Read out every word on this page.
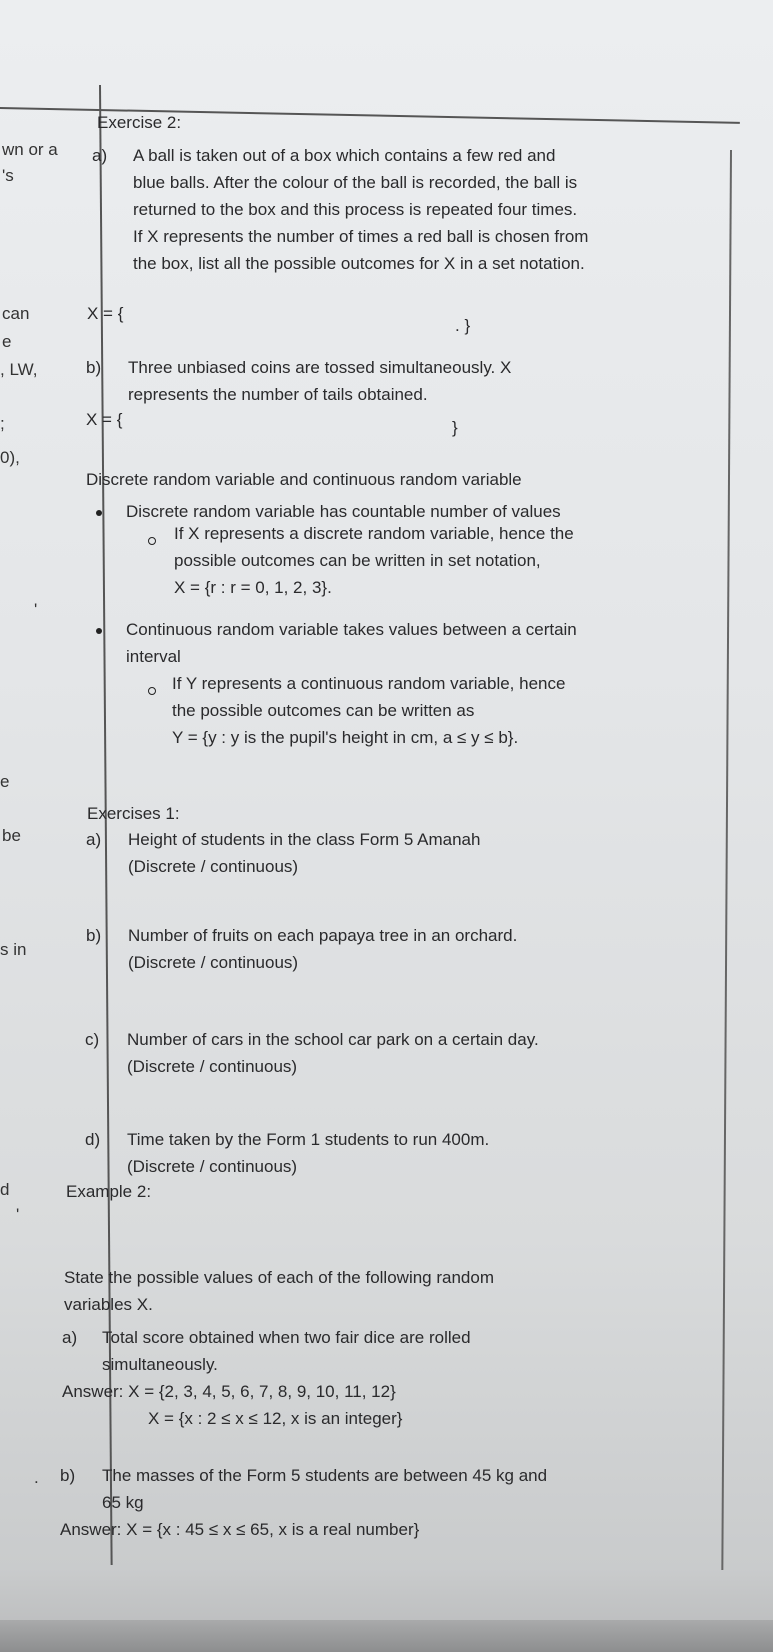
wn or a
's
can
e
, LW,
;
0),
'
e
be
s in
d
'
.
Exercise 2:
a) A ball is taken out of a box which contains a few red and
blue balls. After the colour of the ball is recorded, the ball is
returned to the box and this process is repeated four times.
If X represents the number of times a red ball is chosen from
the box, list all the possible outcomes for X in a set notation.
X = {
. }
b) Three unbiased coins are tossed simultaneously. X
represents the number of tails obtained.
X = {	}
Discrete random variable and continuous random variable
Discrete random variable has countable number of values
If X represents a discrete random variable, hence the
possible outcomes can be written in set notation,
X = {r : r = 0, 1, 2, 3}.
Continuous random variable takes values between a certain
interval
If Y represents a continuous random variable, hence
the possible outcomes can be written as
Y = {y : y is the pupil's height in cm, a ≤ y ≤ b}.
Exercises 1:
a) Height of students in the class Form 5 Amanah
(Discrete / continuous)
b) Number of fruits on each papaya tree in an orchard.
(Discrete / continuous)
c) Number of cars in the school car park on a certain day.
(Discrete / continuous)
d) Time taken by the Form 1 students to run 400m.
(Discrete / continuous)
Example 2:
State the possible values of each of the following random
variables X.
a) Total score obtained when two fair dice are rolled
simultaneously.
Answer: X = {2, 3, 4, 5, 6, 7, 8, 9, 10, 11, 12}
X = {x : 2 ≤ x ≤ 12, x is an integer}
b) The masses of the Form 5 students are between 45 kg and
65 kg
Answer: X = {x : 45 ≤ x ≤ 65, x is a real number}
